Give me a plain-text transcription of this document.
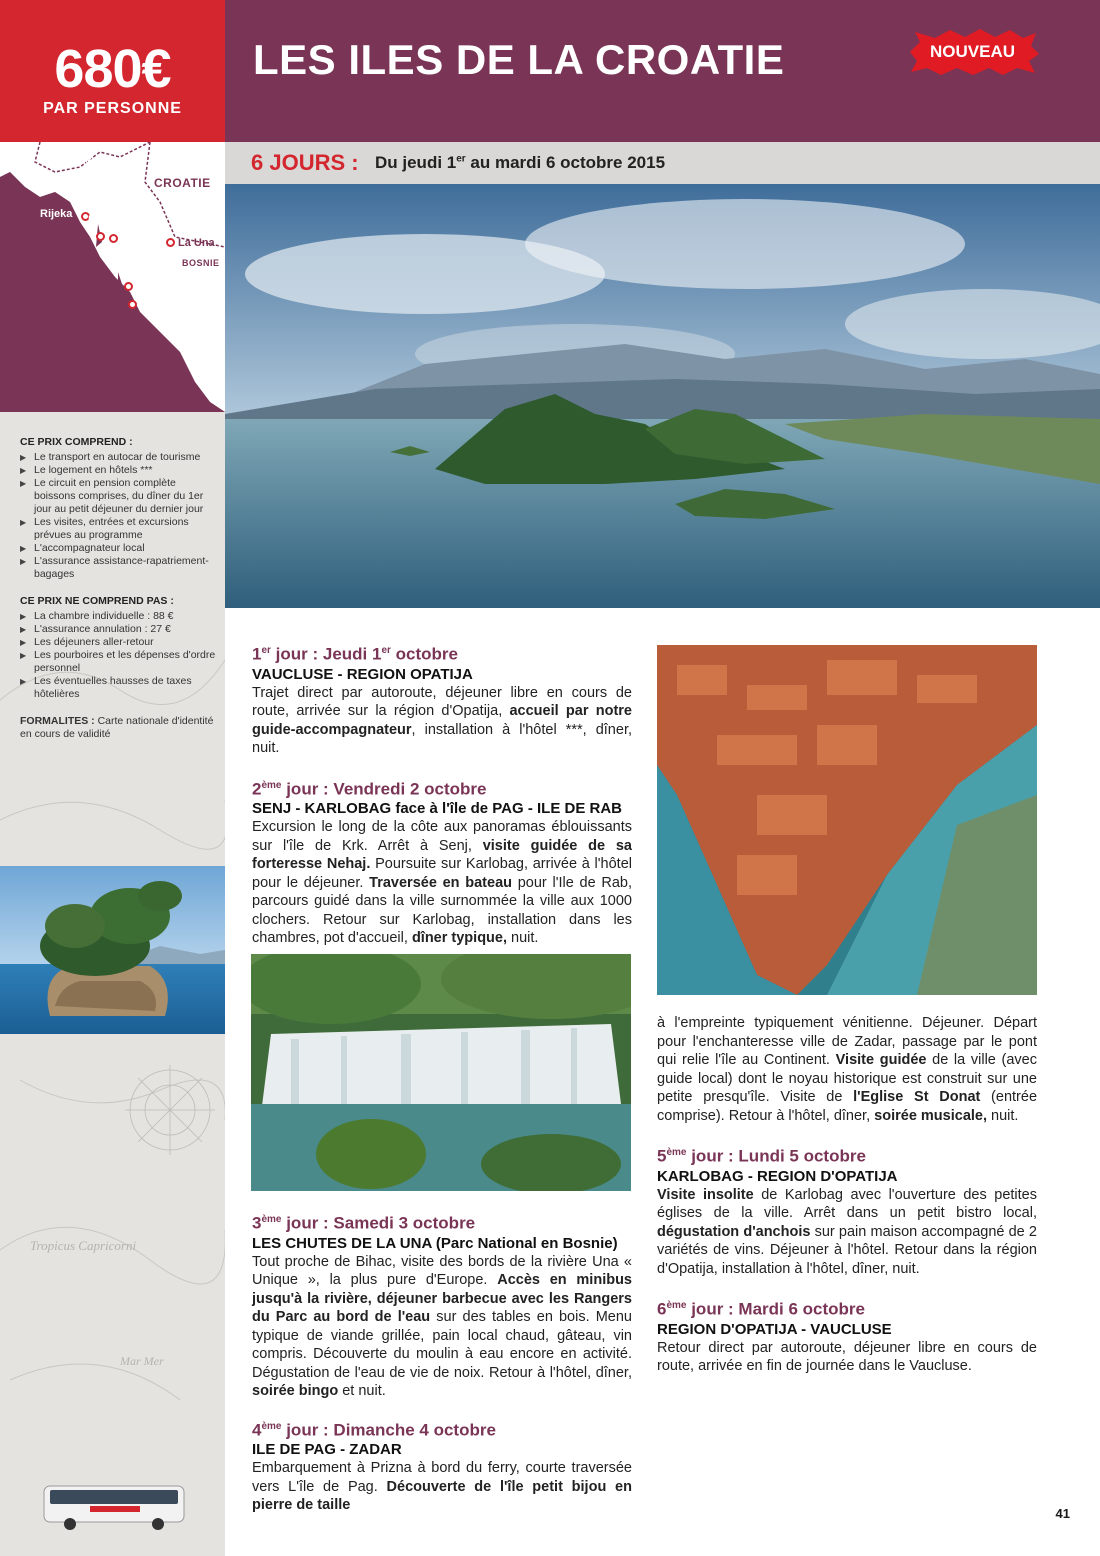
Tropicus Capricorni
Mar Mer
680€
PAR PERSONNE
SLOVENIE
CROATIE
BOSNIE
Rijeka Krk
Senj	La Una
Pag
Zadar
CE PRIX COMPREND :
▶ Le transport en autocar de tourisme
▶ Le logement en hôtels ***
▶ Le circuit en pension complète boissons comprises, du dîner du 1er jour au petit déjeuner du dernier jour
▶ Les visites, entrées et excursions prévues au programme
▶ L'accompagnateur local
▶ L'assurance assistance-rapatriement-bagages
CE PRIX NE COMPREND PAS :
▶ La chambre individuelle : 88 €
▶ L'assurance annulation : 27 €
▶ Les déjeuners aller-retour
▶ Les pourboires et les dépenses d'ordre personnel
▶ Les éventuelles hausses de taxes hôtelières
FORMALITES : Carte nationale d'identité en cours de validité
LES ILES DE LA CROATIE	NOUVEAU
6 JOURS : Du jeudi 1er au mardi 6 octobre 2015
1er jour : Jeudi 1er octobre
VAUCLUSE - REGION OPATIJA

Trajet direct par autoroute, déjeuner libre en cours de route, arrivée sur la région d'Opatija, accueil par notre guide-accompagnateur, installation à l'hôtel ***, dîner, nuit.

2ème jour : Vendredi 2 octobre
SENJ - KARLOBAG face à l'île de PAG - ILE DE RAB

Excursion le long de la côte aux panoramas éblouissants sur l'île de Krk. Arrêt à Senj, visite guidée de sa forteresse Nehaj. Poursuite sur Karlobag, arrivée à l'hôtel pour le déjeuner. Traversée en bateau pour l'Ile de Rab, parcours guidé dans la ville surnommée la ville aux 1000 clochers. Retour sur Karlobag, installation dans les chambres, pot d'accueil, dîner typique, nuit.

3ème jour : Samedi 3 octobre
LES CHUTES DE LA UNA (Parc National en Bosnie)

Tout proche de Bihac, visite des bords de la rivière Una « Unique », la plus pure d'Europe. Accès en minibus jusqu'à la rivière, déjeuner barbecue avec les Rangers du Parc au bord de l'eau sur des tables en bois. Menu typique de viande grillée, pain local chaud, gâteau, vin compris. Découverte du moulin à eau encore en activité. Dégustation de l'eau de vie de noix. Retour à l'hôtel, dîner, soirée bingo et nuit.

4ème jour : Dimanche 4 octobre
ILE DE PAG - ZADAR

Embarquement à Prizna à bord du ferry, courte traversée vers L'île de Pag. Découverte de l'île petit bijou en pierre de taille

à l'empreinte typiquement vénitienne. Déjeuner. Départ pour l'enchanteresse ville de Zadar, passage par le pont qui relie l'île au Continent. Visite guidée de la ville (avec guide local) dont le noyau historique est construit sur une petite presqu'île. Visite de l'Eglise St Donat (entrée comprise). Retour à l'hôtel, dîner, soirée musicale, nuit.

5ème jour : Lundi 5 octobre
KARLOBAG - REGION D'OPATIJA

Visite insolite de Karlobag avec l'ouverture des petites églises de la ville. Arrêt dans un petit bistro local, dégustation d'anchois sur pain maison accompagné de 2 variétés de vins. Déjeuner à l'hôtel. Retour dans la région d'Opatija, installation à l'hôtel, dîner, nuit.

6ème jour : Mardi 6 octobre
REGION D'OPATIJA - VAUCLUSE

Retour direct par autoroute, déjeuner libre en cours de route, arrivée en fin de journée dans le Vaucluse.

41
